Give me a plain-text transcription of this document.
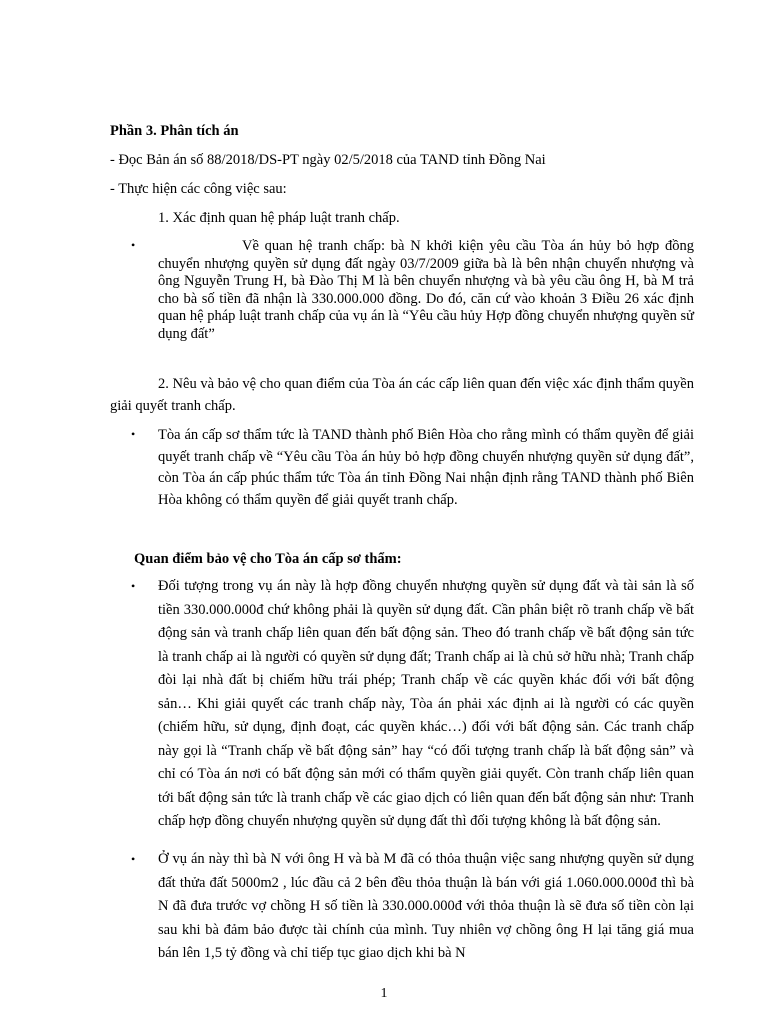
Phần 3. Phân tích án
- Đọc Bản án số 88/2018/DS-PT ngày 02/5/2018 của TAND tỉnh Đồng Nai
- Thực hiện các công việc sau:
1. Xác định quan hệ pháp luật tranh chấp.
•	Về quan hệ tranh chấp: bà N khởi kiện yêu cầu Tòa án hủy bỏ hợp đồng chuyển nhượng quyền sử dụng đất ngày 03/7/2009 giữa bà là bên nhận chuyển nhượng và ông Nguyễn Trung H, bà Đào Thị M là bên chuyển nhượng và bà yêu cầu ông H, bà M trả cho bà số tiền đã nhận là 330.000.000 đồng. Do đó, căn cứ vào khoản 3 Điều 26 xác định quan hệ pháp luật tranh chấp của vụ án là “Yêu cầu hủy Hợp đồng chuyển nhượng quyền sử dụng đất”
2. Nêu và bảo vệ cho quan điểm của Tòa án các cấp liên quan đến việc xác định thẩm quyền giải quyết tranh chấp.
• Tòa án cấp sơ thẩm tức là TAND thành phố Biên Hòa cho rằng mình có thẩm quyền để giải quyết tranh chấp về “Yêu cầu Tòa án hủy bỏ hợp đồng chuyển nhượng quyền sử dụng đất”, còn Tòa án cấp phúc thẩm tức Tòa án tỉnh Đồng Nai nhận định rằng TAND thành phố Biên Hòa không có thẩm quyền để giải quyết tranh chấp.
Quan điểm bảo vệ cho Tòa án cấp sơ thẩm:
• Đối tượng trong vụ án này là hợp đồng chuyển nhượng quyền sử dụng đất và tài sản là số tiền 330.000.000đ chứ không phải là quyền sử dụng đất. Cần phân biệt rõ tranh chấp về bất động sản và tranh chấp liên quan đến bất động sản. Theo đó tranh chấp về bất động sản tức là tranh chấp ai là người có quyền sử dụng đất; Tranh chấp ai là chủ sở hữu nhà; Tranh chấp đòi lại nhà đất bị chiếm hữu trái phép; Tranh chấp về các quyền khác đối với bất động sản… Khi giải quyết các tranh chấp này, Tòa án phải xác định ai là người có các quyền (chiếm hữu, sử dụng, định đoạt, các quyền khác…) đối với bất động sản. Các tranh chấp này gọi là “Tranh chấp về bất động sản” hay “có đối tượng tranh chấp là bất động sản” và chỉ có Tòa án nơi có bất động sản mới có thẩm quyền giải quyết. Còn tranh chấp liên quan tới bất động sản tức là tranh chấp về các giao dịch có liên quan đến bất động sản như: Tranh chấp hợp đồng chuyển nhượng quyền sử dụng đất thì đối tượng không là bất động sản.
• Ở vụ án này thì bà N với ông H và bà M đã có thỏa thuận việc sang nhượng quyền sử dụng đất thửa đất 5000m2 , lúc đầu cả 2 bên đều thỏa thuận là bán với giá 1.060.000.000đ thì bà N đã đưa trước vợ chồng H số tiền là 330.000.000đ với thỏa thuận là sẽ đưa số tiền còn lại sau khi bà đảm bảo được tài chính của mình. Tuy nhiên vợ chồng ông H lại tăng giá mua bán lên 1,5 tỷ đồng và chỉ tiếp tục giao dịch khi bà N
1
